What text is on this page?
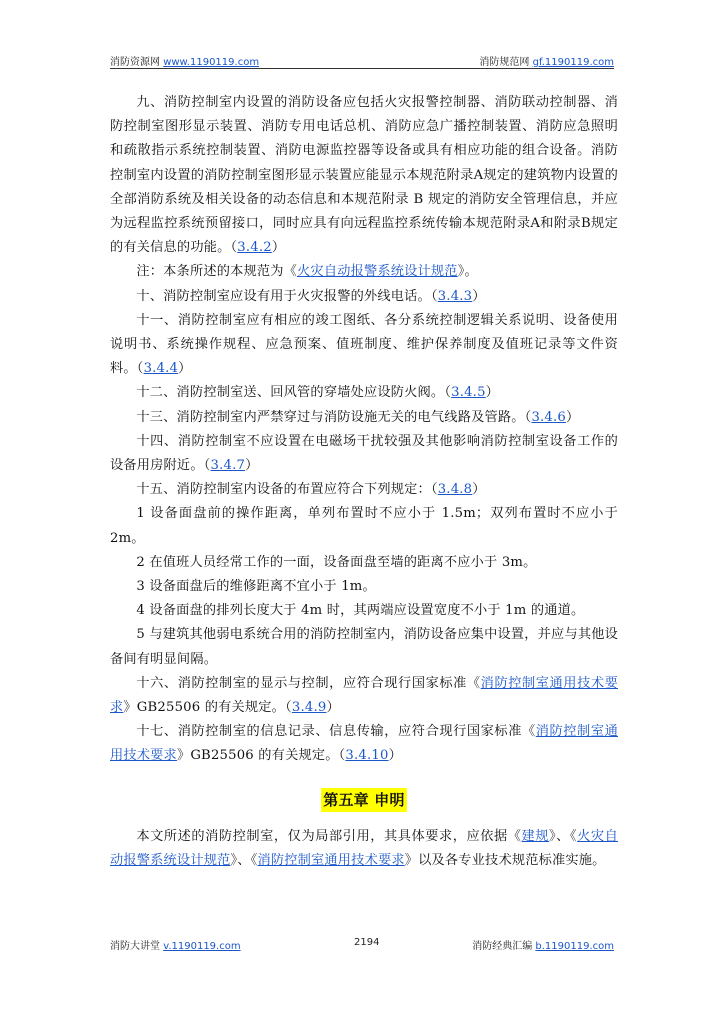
消防资源网 www.1190119.com	消防规范网 gf.1190119.com

九、消防控制室内设置的消防设备应包括火灾报警控制器、消防联动控制器、消防控制室图形显示装置、消防专用电话总机、消防应急广播控制装置、消防应急照明和疏散指示系统控制装置、消防电源监控器等设备或具有相应功能的组合设备。消防控制室内设置的消防控制室图形显示装置应能显示本规范附录A规定的建筑物内设置的全部消防系统及相关设备的动态信息和本规范附录 B 规定的消防安全管理信息，并应为远程监控系统预留接口，同时应具有向远程监控系统传输本规范附录A和附录B规定的有关信息的功能。（3.4.2）

注：本条所述的本规范为《火灾自动报警系统设计规范》。

十、消防控制室应设有用于火灾报警的外线电话。（3.4.3）

十一、消防控制室应有相应的竣工图纸、各分系统控制逻辑关系说明、设备使用说明书、系统操作规程、应急预案、值班制度、维护保养制度及值班记录等文件资料。（3.4.4）

十二、消防控制室送、回风管的穿墙处应设防火阀。（3.4.5）

十三、消防控制室内严禁穿过与消防设施无关的电气线路及管路。（3.4.6）

十四、消防控制室不应设置在电磁场干扰较强及其他影响消防控制室设备工作的设备用房附近。（3.4.7）

十五、消防控制室内设备的布置应符合下列规定：（3.4.8）

1 设备面盘前的操作距离，单列布置时不应小于 1.5m；双列布置时不应小于 2m。

2 在值班人员经常工作的一面，设备面盘至墙的距离不应小于 3m。

3 设备面盘后的维修距离不宜小于 1m。

4 设备面盘的排列长度大于 4m 时，其两端应设置宽度不小于 1m 的通道。

5 与建筑其他弱电系统合用的消防控制室内，消防设备应集中设置，并应与其他设备间有明显间隔。

十六、消防控制室的显示与控制，应符合现行国家标准《消防控制室通用技术要求》GB25506 的有关规定。（3.4.9）

十七、消防控制室的信息记录、信息传输，应符合现行国家标准《消防控制室通用技术要求》GB25506 的有关规定。（3.4.10）

第五章 申明

本文所述的消防控制室，仅为局部引用，其具体要求，应依据《建规》、《火灾自动报警系统设计规范》、《消防控制室通用技术要求》以及各专业技术规范标准实施。

消防大讲堂 v.1190119.com	2194	消防经典汇编 b.1190119.com
